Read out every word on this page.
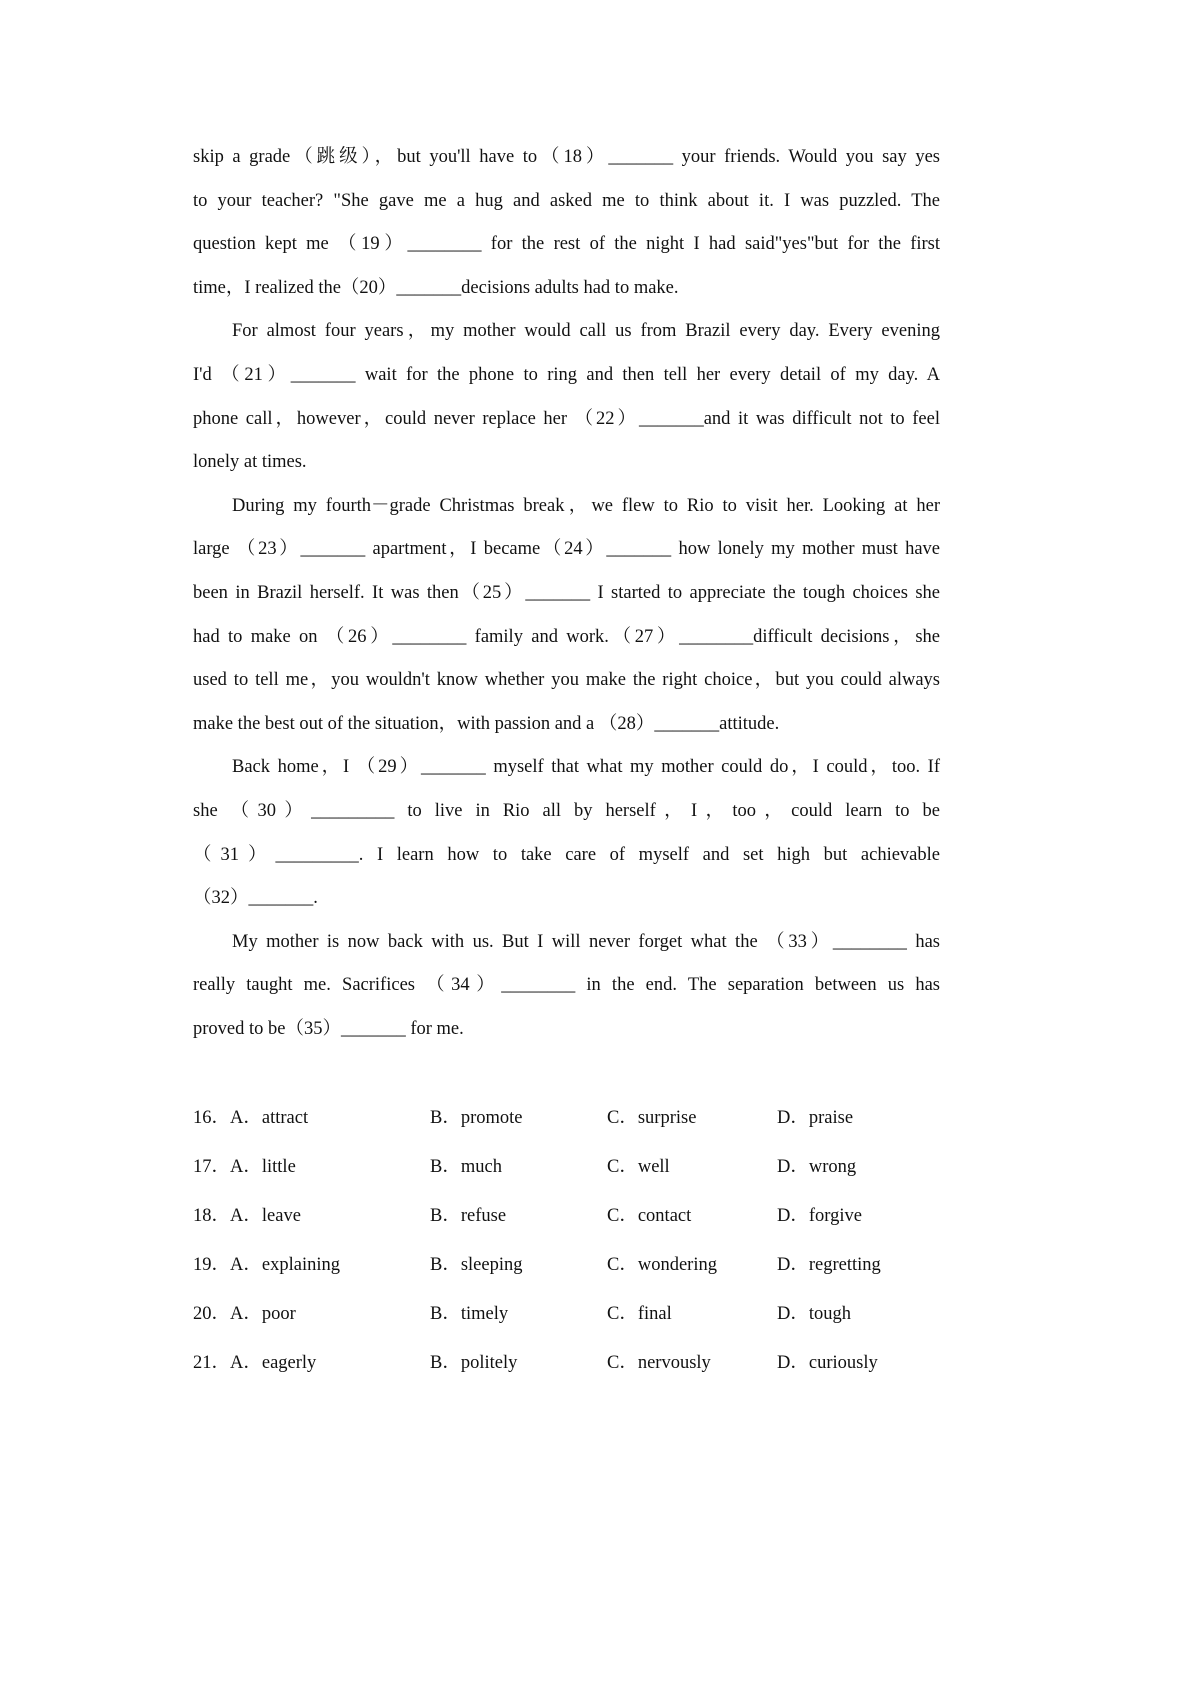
skip a grade（跳级），but you'll have to（18）_______ your friends. Would you say yes
to your teacher? "She gave me a hug and asked me to think about it. I was puzzled. The
question kept me （19）________ for the rest of the night I had said"yes"but for the first
time，I realized the（20）_______decisions adults had to make.
For almost four years，my mother would call us from Brazil every day. Every evening
I'd （21）_______ wait for the phone to ring and then tell her every detail of my day. A
phone call，however，could never replace her （22）_______and it was difficult not to feel
lonely at times.
During my fourth－grade Christmas break，we flew to Rio to visit her. Looking at her
large （23）_______ apartment，I became（24）_______ how lonely my mother must have
been in Brazil herself. It was then（25）_______ I started to appreciate the tough choices she
had to make on （26）________ family and work.（27）________difficult decisions，she
used to tell me，you wouldn't know whether you make the right choice，but you could always
make the best out of the situation，with passion and a （28）_______attitude.
Back home，I （29）_______ myself that what my mother could do，I could，too. If
she （30）_________ to live in Rio all by herself，I，too，could learn to be
（31）_________. I learn how to take care of myself and set high but achievable
（32）_______.
My mother is now back with us. But I will never forget what the （33）________ has
really taught me. Sacrifices （34）________ in the end. The separation between us has
proved to be（35）_______ for me.
16．A．attract	B．promote	C．surprise	D．praise
17．A．little	B．much	C．well	D．wrong
18．A．leave	B．refuse	C．contact	D．forgive
19．A．explaining	B．sleeping	C．wondering	D．regretting
20．A．poor	B．timely	C．final	D．tough
21．A．eagerly	B．politely	C．nervously	D．curiously
